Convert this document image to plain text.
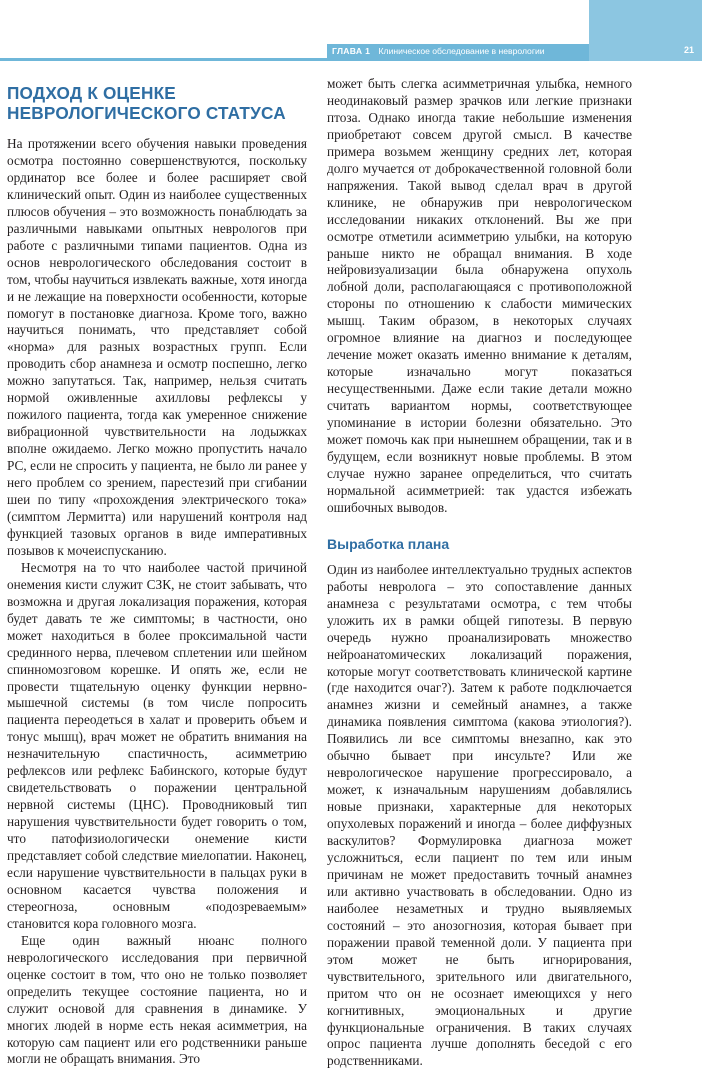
21
ГЛАВА 1 Клиническое обследование в неврологии
ПОДХОД К ОЦЕНКЕ
НЕВРОЛОГИЧЕСКОГО СТАТУСА

На протяжении всего обучения навыки проведения осмотра постоянно совершенствуются, поскольку ординатор все более и более расширяет свой клинический опыт. Один из наиболее существенных плюсов обучения – это возможность понаблюдать за различными навыками опытных неврологов при работе с различными типами пациентов. Одна из основ неврологического обследования состоит в том, чтобы научиться извлекать важные, хотя иногда и не лежащие на поверхности особенности, которые помогут в постановке диагноза. Кроме того, важно научиться понимать, что представляет собой «норма» для разных возрастных групп. Если проводить сбор анамнеза и осмотр поспешно, легко можно запутаться. Так, например, нельзя считать нормой оживленные ахилловы рефлексы у пожилого пациента, тогда как умеренное снижение вибрационной чувствительности на лодыжках вполне ожидаемо. Легко можно пропустить начало РС, если не спросить у пациента, не было ли ранее у него проблем со зрением, парестезий при сгибании шеи по типу «прохождения электрического тока» (симптом Лермитта) или нарушений контроля над функцией тазовых органов в виде императивных позывов к мочеиспусканию.

Несмотря на то что наиболее частой причиной онемения кисти служит СЗК, не стоит забывать, что возможна и другая локализация поражения, которая будет давать те же симптомы; в частности, оно может находиться в более проксимальной части срединного нерва, плечевом сплетении или шейном спинномозговом корешке. И опять же, если не провести тщательную оценку функции нервно-мышечной системы (в том числе попросить пациента переодеться в халат и проверить объем и тонус мышц), врач может не обратить внимания на незначительную спастичность, асимметрию рефлексов или рефлекс Бабинского, которые будут свидетельствовать о поражении центральной нервной системы (ЦНС). Проводниковый тип нарушения чувствительности будет говорить о том, что патофизиологически онемение кисти представляет собой следствие миелопатии. Наконец, если нарушение чувствительности в пальцах руки в основном касается чувства положения и стереогноза, основным «подозреваемым» становится кора головного мозга.

Еще один важный нюанс полного неврологического исследования при первичной оценке состоит в том, что оно не только позволяет определить текущее состояние пациента, но и служит основой для сравнения в динамике. У многих людей в норме есть некая асимметрия, на которую сам пациент или его родственники раньше могли не обращать внимания. Это

может быть слегка асимметричная улыбка, немного неодинаковый размер зрачков или легкие признаки птоза. Однако иногда такие небольшие изменения приобретают совсем другой смысл. В качестве примера возьмем женщину средних лет, которая долго мучается от доброкачественной головной боли напряжения. Такой вывод сделал врач в другой клинике, не обнаружив при неврологическом исследовании никаких отклонений. Вы же при осмотре отметили асимметрию улыбки, на которую раньше никто не обращал внимания. В ходе нейровизуализации была обнаружена опухоль лобной доли, располагающаяся с противоположной стороны по отношению к слабости мимических мышц. Таким образом, в некоторых случаях огромное влияние на диагноз и последующее лечение может оказать именно внимание к деталям, которые изначально могут показаться несущественными. Даже если такие детали можно считать вариантом нормы, соответствующее упоминание в истории болезни обязательно. Это может помочь как при нынешнем обращении, так и в будущем, если возникнут новые проблемы. В этом случае нужно заранее определиться, что считать нормальной асимметрией: так удастся избежать ошибочных выводов.

Выработка плана

Один из наиболее интеллектуально трудных аспектов работы невролога – это сопоставление данных анамнеза с результатами осмотра, с тем чтобы уложить их в рамки общей гипотезы. В первую очередь нужно проанализировать множество нейроанатомических локализаций поражения, которые могут соответствовать клинической картине (где находится очаг?). Затем к работе подключается анамнез жизни и семейный анамнез, а также динамика появления симптома (какова этиология?). Появились ли все симптомы внезапно, как это обычно бывает при инсульте? Или же неврологическое нарушение прогрессировало, а может, к изначальным нарушениям добавлялись новые признаки, характерные для некоторых опухолевых поражений и иногда – более диффузных васкулитов? Формулировка диагноза может усложниться, если пациент по тем или иным причинам не может предоставить точный анамнез или активно участвовать в обследовании. Одно из наиболее незаметных и трудно выявляемых состояний – это анозогнозия, которая бывает при поражении правой теменной доли. У пациента при этом может не быть игнорирования, чувствительного, зрительного или двигательного, притом что он не осознает имеющихся у него когнитивных, эмоциональных и другие функциональные ограничения. В таких случаях опрос пациента лучше дополнять беседой с его родственниками.
